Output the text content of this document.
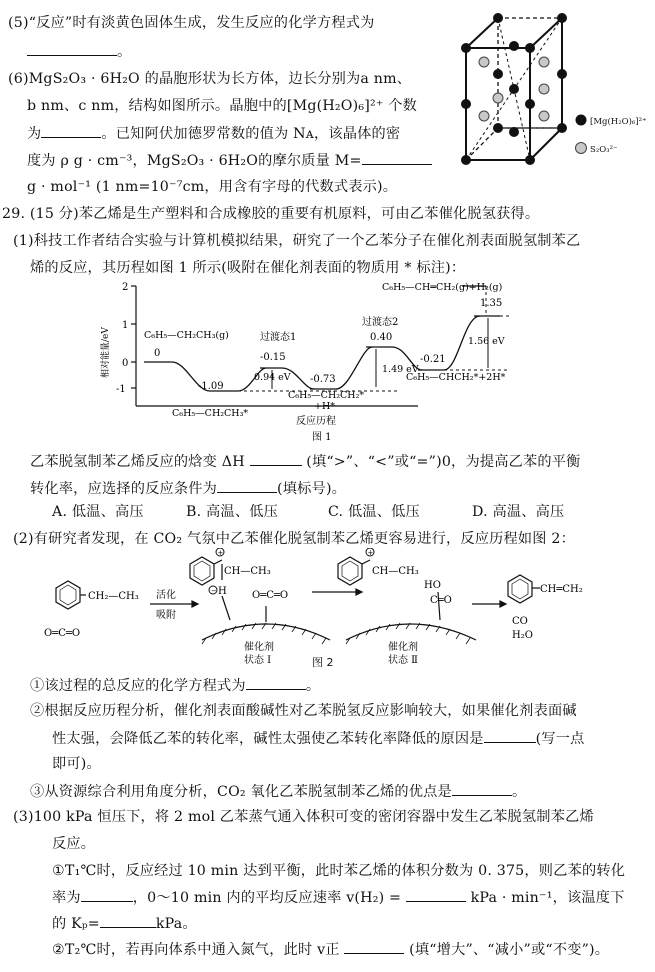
(5)“反应”时有淡黄色固体生成，发生反应的化学方程式为
。
(6)MgS₂O₃ · 6H₂O 的晶胞形状为长方体，边长分别为a nm、
b nm、c nm，结构如图所示。晶胞中的[Mg(H₂O)₆]²⁺ 个数
为	。已知阿伏加德罗常数的值为 Nᴀ，该晶体的密
度为 ρ g · cm⁻³，MgS₂O₃ · 6H₂O的摩尔质量 M=
g · mol⁻¹ (1 nm=10⁻⁷cm，用含有字母的代数式表示)。
[Mg(H₂O)₆]²⁺
S₂O₃²⁻
29. (15 分)苯乙烯是生产塑料和合成橡胶的重要有机原料，可由乙苯催化脱氢获得。
(1)科技工作者结合实验与计算机模拟结果，研究了一个乙苯分子在催化剂表面脱氢制苯乙
烯的反应，其历程如图 1 所示(吸附在催化剂表面的物质用 * 标注)：
2
1
0
-1
相对能量/eV	0
-1.09
过渡态1
-0.15
0.94 eV -0.73
过渡态2
0.40
1.49 eV
-0.21
1.35
1.56 eV
C₆H₅—CH₂CH₃(g)
C₆H₅—CH₂CH₃*
C₆H₅—CH₂CH₂*
+H*
C₆H₅—CHCH₂*+2H*
C₆H₅—CH═CH₂(g)+H₂(g)
反应历程
图 1
乙苯脱氢制苯乙烯反应的焓变 ΔH	(填“>”、“<”或“=”)0，为提高乙苯的平衡
转化率，应选择的反应条件为	(填标号)。
A. 低温、高压	B. 高温、低压	C. 低温、低压	D. 高温、高压
(2)有研究者发现，在 CO₂ 气氛中乙苯催化脱氢制苯乙烯更容易进行，反应历程如图 2：
+	+
−
CH₂—CH₃
O═C═O
活化
吸附
CH—CH₃
H	O═C═O
催化剂
状态 Ⅰ
CH—CH₃
HO
C═O
催化剂
状态 Ⅱ
CH═CH₂
CO
H₂O
图 2
①该过程的总反应的化学方程式为	。
②根据反应历程分析，催化剂表面酸碱性对乙苯脱氢反应影响较大，如果催化剂表面碱
性太强，会降低乙苯的转化率，碱性太强使乙苯转化率降低的原因是	(写一点
即可)。
③从资源综合利用角度分析，CO₂ 氧化乙苯脱氢制苯乙烯的优点是	。
(3)100 kPa 恒压下，将 2 mol 乙苯蒸气通入体积可变的密闭容器中发生乙苯脱氢制苯乙烯
反应。
①T₁℃时，反应经过 10 min 达到平衡，此时苯乙烯的体积分数为 0. 375，则乙苯的转化
率为	，0～10 min 内的平均反应速率 v(H₂) =	kPa · min⁻¹，该温度下
的 Kₚ=	kPa。
②T₂℃时，若再向体系中通入氮气，此时 v正	(填“增大”、“减小”或“不变”)。
